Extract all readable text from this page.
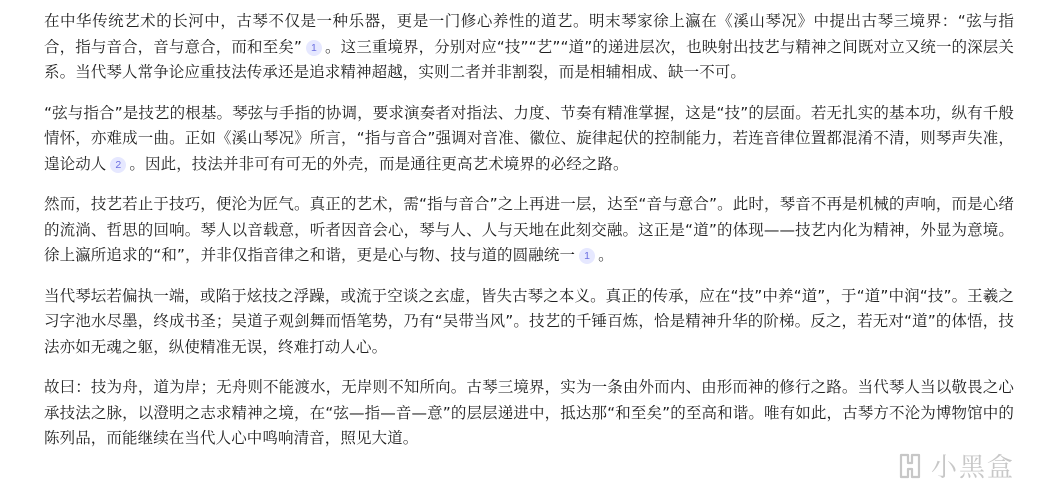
在中华传统艺术的长河中，古琴不仅是一种乐器，更是一门修心养性的道艺。明末琴家徐上瀛在《溪山琴况》中提出古琴三境界：“弦与指合，指与音合，音与意合，而和至矣” 1 。这三重境界，分别对应“技”“艺”“道”的递进层次，也映射出技艺与精神之间既对立又统一的深层关系。当代琴人常争论应重技法传承还是追求精神超越，实则二者并非割裂，而是相辅相成、缺一不可。

“弦与指合”是技艺的根基。琴弦与手指的协调，要求演奏者对指法、力度、节奏有精准掌握，这是“技”的层面。若无扎实的基本功，纵有千般情怀，亦难成一曲。正如《溪山琴况》所言，“指与音合”强调对音准、徽位、旋律起伏的控制能力，若连音律位置都混淆不清，则琴声失准，遑论动人 2 。因此，技法并非可有可无的外壳，而是通往更高艺术境界的必经之路。

然而，技艺若止于技巧，便沦为匠气。真正的艺术，需“指与音合”之上再进一层，达至“音与意合”。此时，琴音不再是机械的声响，而是心绪的流淌、哲思的回响。琴人以音载意，听者因音会心，琴与人、人与天地在此刻交融。这正是“道”的体现——技艺内化为精神，外显为意境。徐上瀛所追求的“和”，并非仅指音律之和谐，更是心与物、技与道的圆融统一 1 。

当代琴坛若偏执一端，或陷于炫技之浮躁，或流于空谈之玄虚，皆失古琴之本义。真正的传承，应在“技”中养“道”，于“道”中润“技”。王羲之习字池水尽墨，终成书圣；吴道子观剑舞而悟笔势，乃有“吴带当风”。技艺的千锤百炼，恰是精神升华的阶梯。反之，若无对“道”的体悟，技法亦如无魂之躯，纵使精准无误，终难打动人心。

故曰：技为舟，道为岸；无舟则不能渡水，无岸则不知所向。古琴三境界，实为一条由外而内、由形而神的修行之路。当代琴人当以敬畏之心承技法之脉，以澄明之志求精神之境，在“弦—指—音—意”的层层递进中，抵达那“和至矣”的至高和谐。唯有如此，古琴方不沦为博物馆中的陈列品，而能继续在当代人心中鸣响清音，照见大道。

小黑盒
